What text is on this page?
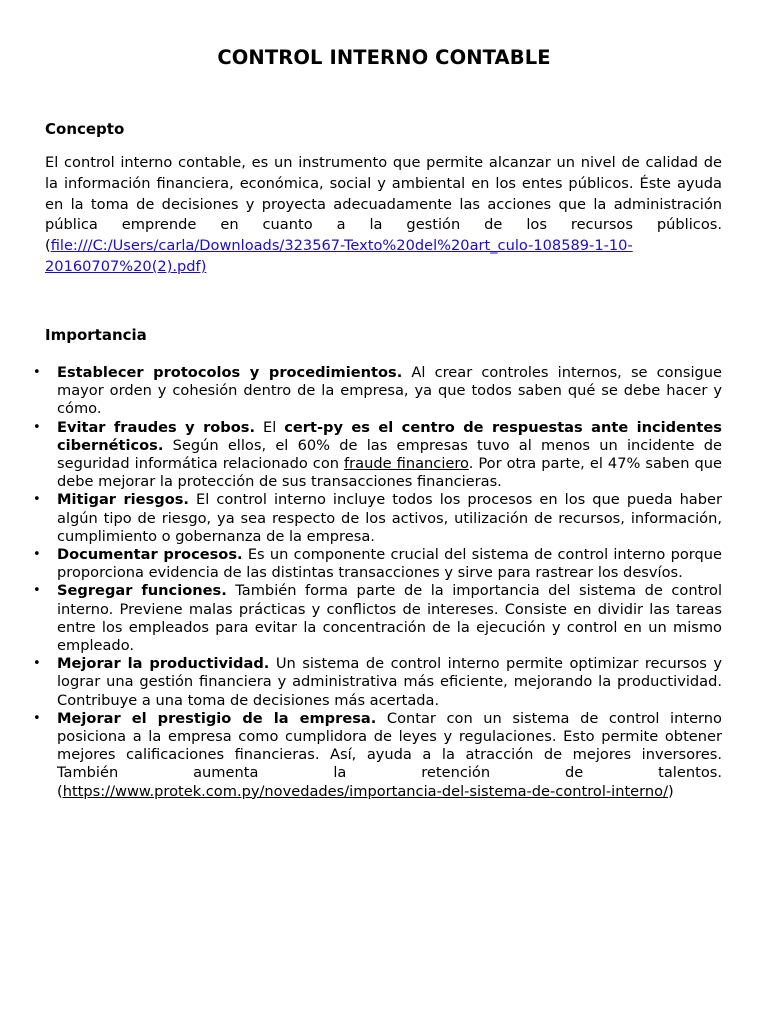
CONTROL INTERNO CONTABLE
Concepto
El control interno contable, es un instrumento que permite alcanzar un nivel de calidad de la información financiera, económica, social y ambiental en los entes públicos. Éste ayuda en la toma de decisiones y proyecta adecuadamente las acciones que la administración pública emprende en cuanto a la gestión de los recursos públicos. (file:///C:/Users/carla/Downloads/323567-Texto%20del%20art_culo-108589-1-10-
20160707%20(2).pdf)
Importancia
• Establecer protocolos y procedimientos. Al crear controles internos, se consigue mayor orden y cohesión dentro de la empresa, ya que todos saben qué se debe hacer y cómo.
• Evitar fraudes y robos. El cert-py es el centro de respuestas ante incidentes cibernéticos. Según ellos, el 60% de las empresas tuvo al menos un incidente de seguridad informática relacionado con fraude financiero. Por otra parte, el 47% saben que debe mejorar la protección de sus transacciones financieras.
• Mitigar riesgos. El control interno incluye todos los procesos en los que pueda haber algún tipo de riesgo, ya sea respecto de los activos, utilización de recursos, información, cumplimiento o gobernanza de la empresa.
• Documentar procesos. Es un componente crucial del sistema de control interno porque proporciona evidencia de las distintas transacciones y sirve para rastrear los desvíos.
• Segregar funciones. También forma parte de la importancia del sistema de control interno. Previene malas prácticas y conflictos de intereses. Consiste en dividir las tareas entre los empleados para evitar la concentración de la ejecución y control en un mismo empleado.
• Mejorar la productividad. Un sistema de control interno permite optimizar recursos y lograr una gestión financiera y administrativa más eficiente, mejorando la productividad. Contribuye a una toma de decisiones más acertada.
• Mejorar el prestigio de la empresa. Contar con un sistema de control interno posiciona a la empresa como cumplidora de leyes y regulaciones. Esto permite obtener mejores calificaciones financieras. Así, ayuda a la atracción de mejores inversores. También aumenta la retención de talentos.
(https://www.protek.com.py/novedades/importancia-del-sistema-de-control-interno/)
